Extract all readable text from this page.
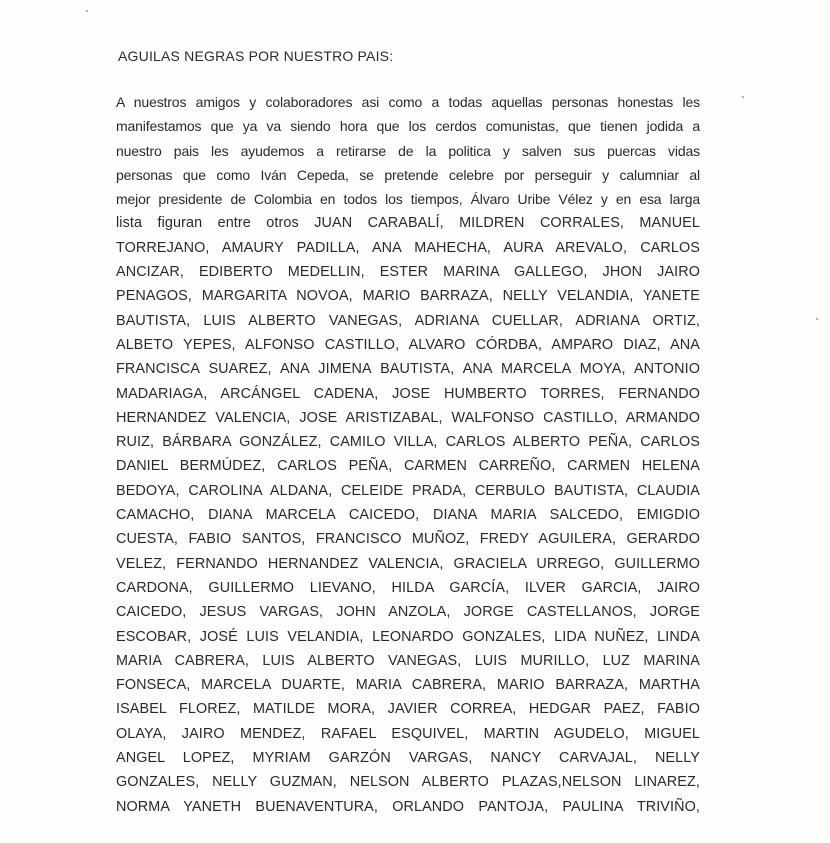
AGUILAS NEGRAS POR NUESTRO PAIS:
A nuestros amigos y colaboradores asi como a todas aquellas personas honestas les
manifestamos que ya va siendo hora que los cerdos comunistas, que tienen jodida a
nuestro pais les ayudemos a retirarse de la politica y salven sus puercas vidas
personas que como Iván Cepeda, se pretende celebre por perseguir y calumniar al
mejor presidente de Colombia en todos los tiempos, Álvaro Uribe Vélez y en esa larga
lista figuran entre otros JUAN CARABALÍ, MILDREN CORRALES, MANUEL
TORREJANO, AMAURY PADILLA, ANA MAHECHA, AURA AREVALO, CARLOS
ANCIZAR, EDIBERTO MEDELLIN, ESTER MARINA GALLEGO, JHON JAIRO
PENAGOS, MARGARITA NOVOA, MARIO BARRAZA, NELLY VELANDIA, YANETE
BAUTISTA, LUIS ALBERTO VANEGAS, ADRIANA CUELLAR, ADRIANA ORTIZ,
ALBETO YEPES, ALFONSO CASTILLO, ALVARO CÓRDBA, AMPARO DIAZ, ANA
FRANCISCA SUAREZ, ANA JIMENA BAUTISTA, ANA MARCELA MOYA, ANTONIO
MADARIAGA, ARCÁNGEL CADENA, JOSE HUMBERTO TORRES, FERNANDO
HERNANDEZ VALENCIA, JOSE ARISTIZABAL, WALFONSO CASTILLO, ARMANDO
RUIZ, BÁRBARA GONZÁLEZ, CAMILO VILLA, CARLOS ALBERTO PEÑA, CARLOS
DANIEL BERMÚDEZ, CARLOS PEÑA, CARMEN CARREÑO, CARMEN HELENA
BEDOYA, CAROLINA ALDANA, CELEIDE PRADA, CERBULO BAUTISTA, CLAUDIA
CAMACHO, DIANA MARCELA CAICEDO, DIANA MARIA SALCEDO, EMIGDIO
CUESTA, FABIO SANTOS, FRANCISCO MUÑOZ, FREDY AGUILERA, GERARDO
VELEZ, FERNANDO HERNANDEZ VALENCIA, GRACIELA URREGO, GUILLERMO
CARDONA, GUILLERMO LIEVANO, HILDA GARCÍA, ILVER GARCIA, JAIRO
CAICEDO, JESUS VARGAS, JOHN ANZOLA, JORGE CASTELLANOS, JORGE
ESCOBAR, JOSÉ LUIS VELANDIA, LEONARDO GONZALES, LIDA NUÑEZ, LINDA
MARIA CABRERA, LUIS ALBERTO VANEGAS, LUIS MURILLO, LUZ MARINA
FONSECA, MARCELA DUARTE, MARIA CABRERA, MARIO BARRAZA, MARTHA
ISABEL FLOREZ, MATILDE MORA, JAVIER CORREA, HEDGAR PAEZ, FABIO
OLAYA, JAIRO MENDEZ, RAFAEL ESQUIVEL, MARTIN AGUDELO, MIGUEL
ANGEL LOPEZ, MYRIAM GARZÓN VARGAS, NANCY CARVAJAL, NELLY
GONZALES, NELLY GUZMAN, NELSON ALBERTO PLAZAS,NELSON LINAREZ,
NORMA YANETH BUENAVENTURA, ORLANDO PANTOJA, PAULINA TRIVIÑO,
